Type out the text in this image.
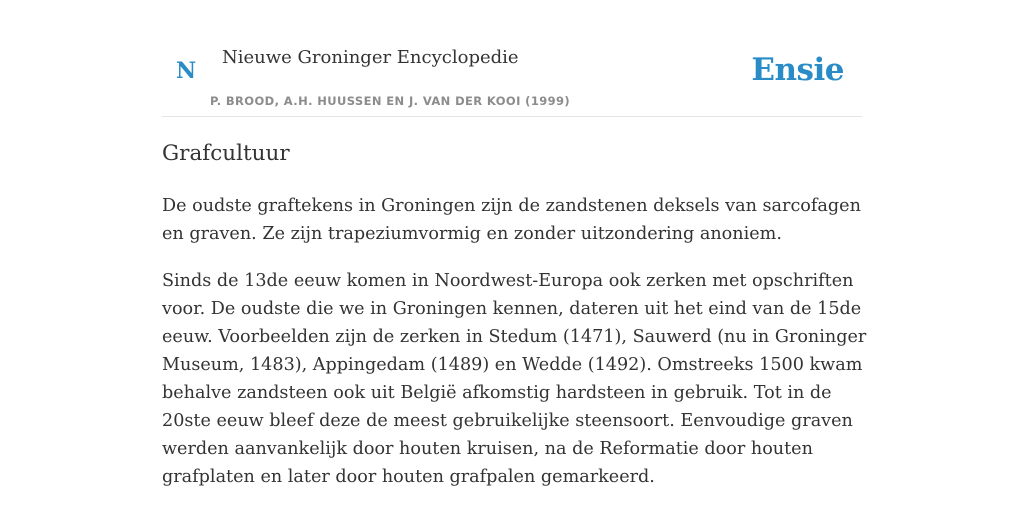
N
Nieuwe Groninger Encyclopedie
P. BROOD, A.H. HUUSSEN EN J. VAN DER KOOI (1999)
Ensie
Grafcultuur

De oudste graftekens in Groningen zijn de zandstenen deksels van sarcofagen en graven. Ze zijn trapeziumvormig en zonder uitzondering anoniem.

Sinds de 13de eeuw komen in Noordwest-Europa ook zerken met opschriften voor. De oudste die we in Groningen kennen, dateren uit het eind van de 15de eeuw. Voorbeelden zijn de zerken in Stedum (1471), Sauwerd (nu in Groninger Museum, 1483), Appingedam (1489) en Wedde (1492). Omstreeks 1500 kwam behalve zandsteen ook uit België afkomstig hardsteen in gebruik. Tot in de 20ste eeuw bleef deze de meest gebruikelijke steensoort. Eenvoudige graven werden aanvankelijk door houten kruisen, na de Reformatie door houten grafplaten en later door houten grafpalen gemarkeerd.
